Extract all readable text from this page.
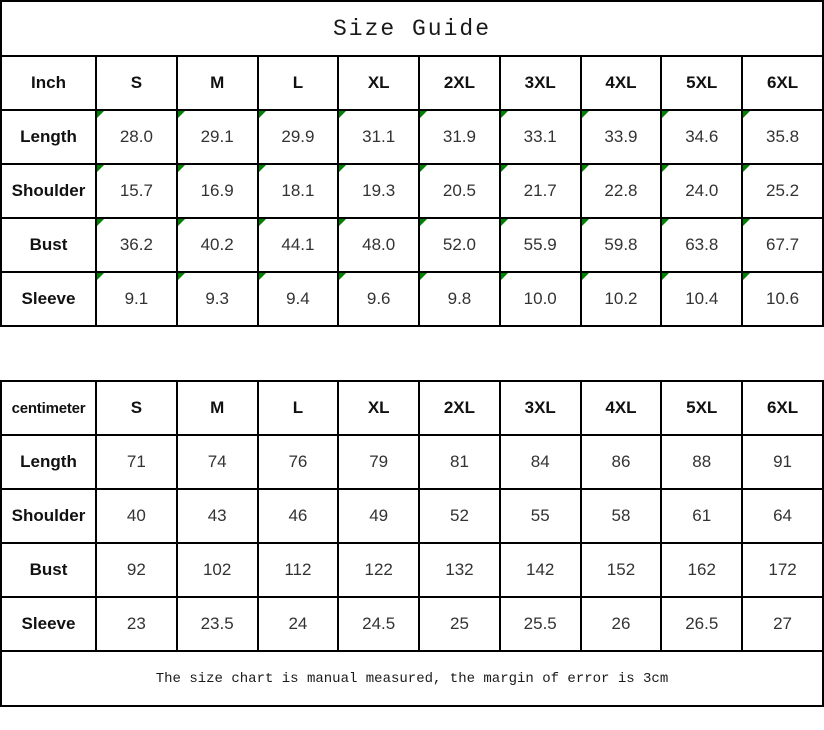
Size Guide
Inch	S	M	L	XL	2XL	3XL	4XL	5XL	6XL
Length	28.0	29.1	29.9	31.1	31.9	33.1	33.9	34.6	35.8
Shoulder	15.7	16.9	18.1	19.3	20.5	21.7	22.8	24.0	25.2
Bust	36.2	40.2	44.1	48.0	52.0	55.9	59.8	63.8	67.7
Sleeve	9.1	9.3	9.4	9.6	9.8	10.0	10.2	10.4	10.6
centimeter	S	M	L	XL	2XL	3XL	4XL	5XL	6XL
Length	71	74	76	79	81	84	86	88	91
Shoulder	40	43	46	49	52	55	58	61	64
Bust	92	102	112	122	132	142	152	162	172
Sleeve	23	23.5	24	24.5	25	25.5	26	26.5	27
The size chart is manual measured, the margin of error is 3cm
